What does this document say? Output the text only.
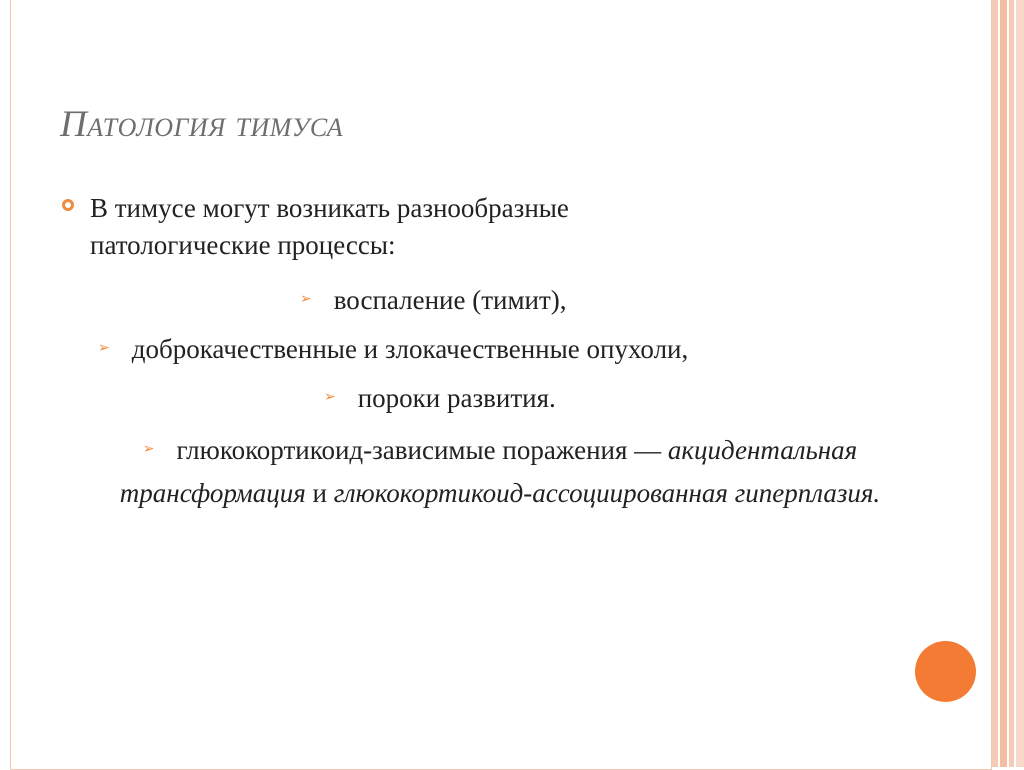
Патология тимуса

В тимусе могут возникать разнообразные патологические процессы:

➢ воспаление (тимит),
➢ доброкачественные и злокачественные опухоли,
➢ пороки развития.

➢ глюкокортикоид-зависимые поражения — акцидентальная трансформация и глюкокортикоид-ассоциированная гиперплазия.
